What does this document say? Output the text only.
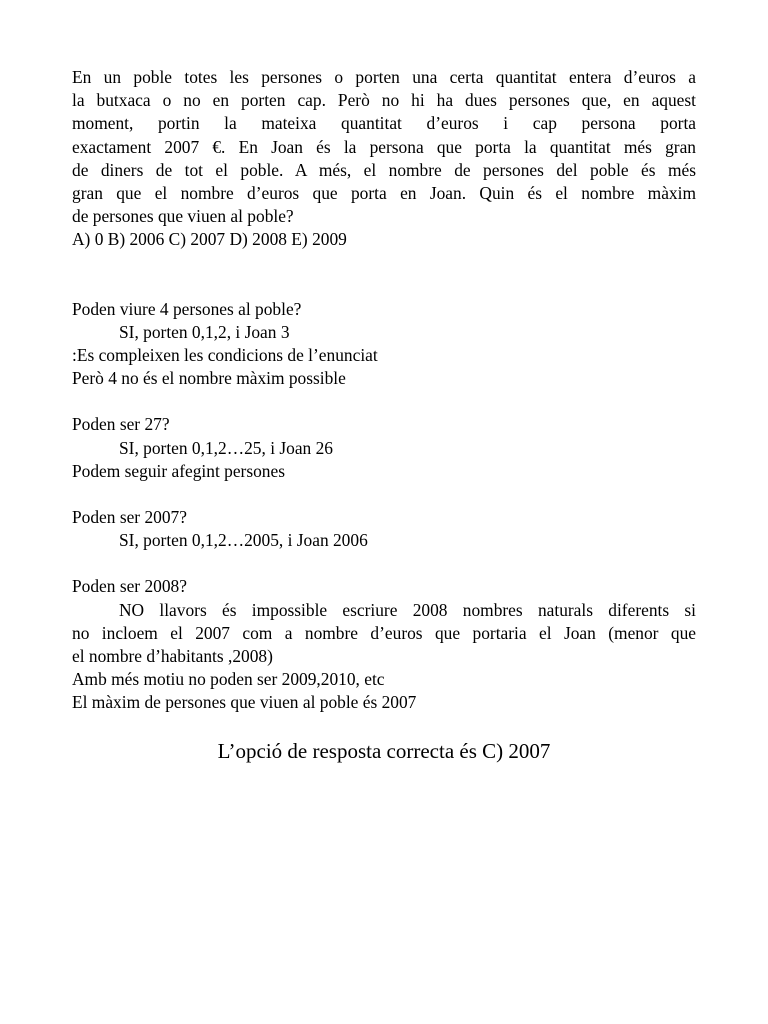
En un poble totes les persones o porten una certa quantitat entera d’euros a
la butxaca o no en porten cap. Però no hi ha dues persones que, en aquest
moment, portin la mateixa quantitat d’euros i cap persona porta
exactament 2007 €. En Joan és la persona que porta la quantitat més gran
de diners de tot el poble. A més, el nombre de persones del poble és més
gran que el nombre d’euros que porta en Joan. Quin és el nombre màxim
de persones que viuen al poble?
A) 0 B) 2006 C) 2007 D) 2008 E) 2009
Poden viure 4 persones al poble?
SI, porten 0,1,2, i Joan 3
:Es compleixen les condicions de l’enunciat
Però 4 no és el nombre màxim possible
Poden ser 27?
SI, porten 0,1,2…25, i Joan 26
Podem seguir afegint persones
Poden ser 2007?
SI, porten 0,1,2…2005, i Joan 2006
Poden ser 2008?
NO llavors és impossible escriure 2008 nombres naturals diferents si
no incloem el 2007 com a nombre d’euros que portaria el Joan (menor que
el nombre d’habitants ,2008)
Amb més motiu no poden ser 2009,2010, etc
El màxim de persones que viuen al poble és 2007
L’opció de resposta correcta és C) 2007
